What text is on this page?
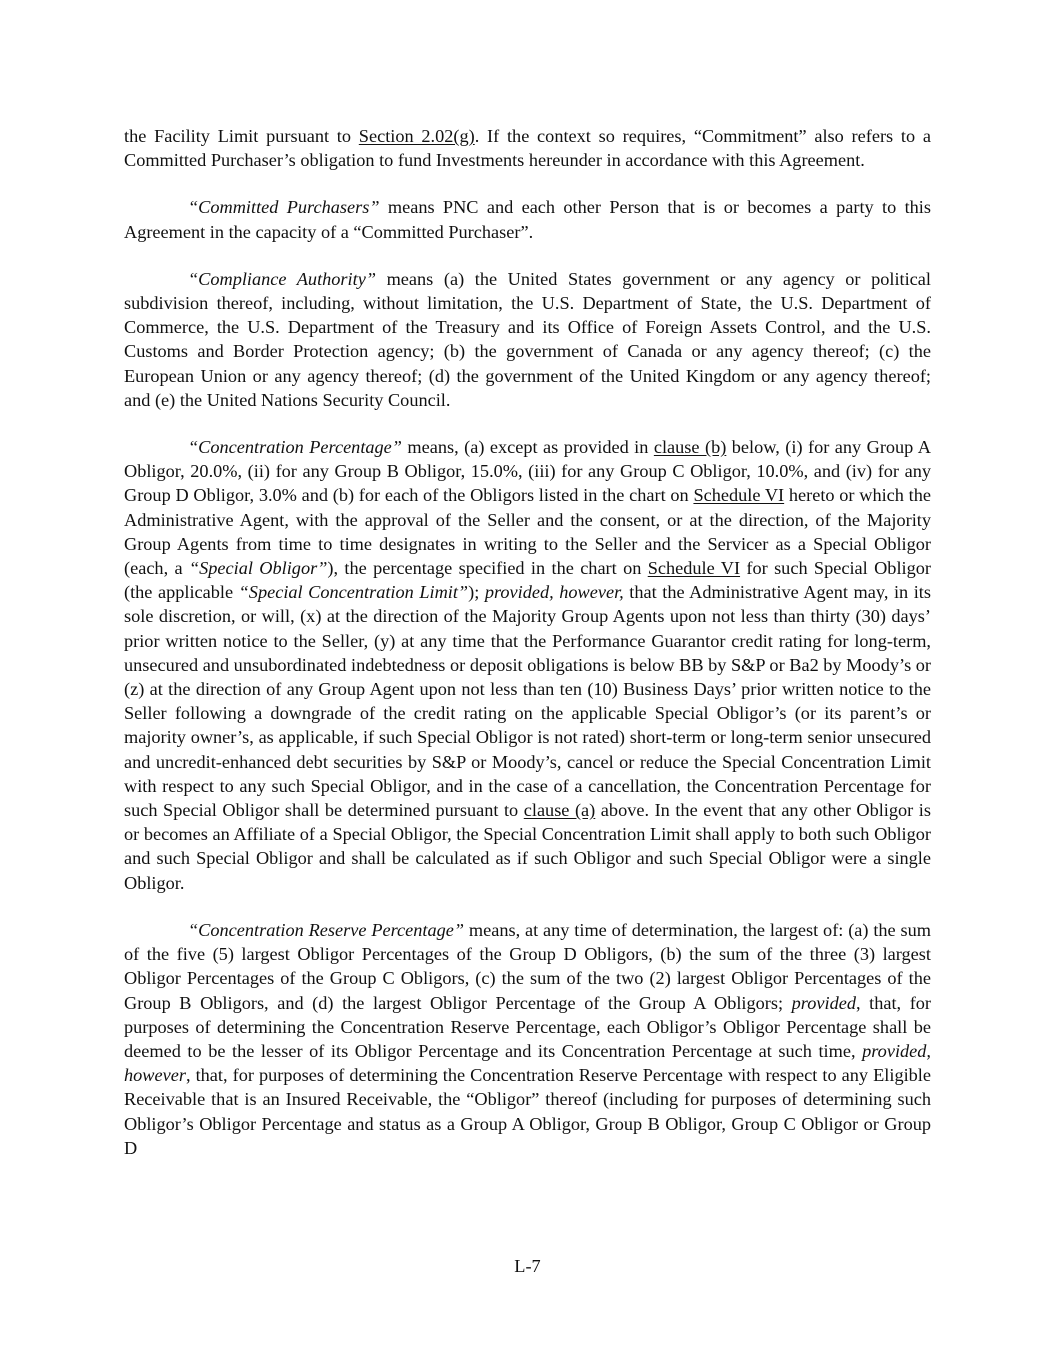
the Facility Limit pursuant to Section 2.02(g). If the context so requires, “Commitment” also refers to a Committed Purchaser’s obligation to fund Investments hereunder in accordance with this Agreement.

“Committed Purchasers” means PNC and each other Person that is or becomes a party to this Agreement in the capacity of a “Committed Purchaser”.

“Compliance Authority” means (a) the United States government or any agency or political subdivision thereof, including, without limitation, the U.S. Department of State, the U.S. Department of Commerce, the U.S. Department of the Treasury and its Office of Foreign Assets Control, and the U.S. Customs and Border Protection agency; (b) the government of Canada or any agency thereof; (c) the European Union or any agency thereof; (d) the government of the United Kingdom or any agency thereof; and (e) the United Nations Security Council.

“Concentration Percentage” means, (a) except as provided in clause (b) below, (i) for any Group A Obligor, 20.0%, (ii) for any Group B Obligor, 15.0%, (iii) for any Group C Obligor, 10.0%, and (iv) for any Group D Obligor, 3.0% and (b) for each of the Obligors listed in the chart on Schedule VI hereto or which the Administrative Agent, with the approval of the Seller and the consent, or at the direction, of the Majority Group Agents from time to time designates in writing to the Seller and the Servicer as a Special Obligor (each, a “Special Obligor”), the percentage specified in the chart on Schedule VI for such Special Obligor (the applicable “Special Concentration Limit”); provided, however, that the Administrative Agent may, in its sole discretion, or will, (x) at the direction of the Majority Group Agents upon not less than thirty (30) days’ prior written notice to the Seller, (y) at any time that the Performance Guarantor credit rating for long-term, unsecured and unsubordinated indebtedness or deposit obligations is below BB by S&P or Ba2 by Moody’s or (z) at the direction of any Group Agent upon not less than ten (10) Business Days’ prior written notice to the Seller following a downgrade of the credit rating on the applicable Special Obligor’s (or its parent’s or majority owner’s, as applicable, if such Special Obligor is not rated) short-term or long-term senior unsecured and uncredit-enhanced debt securities by S&P or Moody’s, cancel or reduce the Special Concentration Limit with respect to any such Special Obligor, and in the case of a cancellation, the Concentration Percentage for such Special Obligor shall be determined pursuant to clause (a) above. In the event that any other Obligor is or becomes an Affiliate of a Special Obligor, the Special Concentration Limit shall apply to both such Obligor and such Special Obligor and shall be calculated as if such Obligor and such Special Obligor were a single Obligor.

“Concentration Reserve Percentage” means, at any time of determination, the largest of: (a) the sum of the five (5) largest Obligor Percentages of the Group D Obligors, (b) the sum of the three (3) largest Obligor Percentages of the Group C Obligors, (c) the sum of the two (2) largest Obligor Percentages of the Group B Obligors, and (d) the largest Obligor Percentage of the Group A Obligors; provided, that, for purposes of determining the Concentration Reserve Percentage, each Obligor’s Obligor Percentage shall be deemed to be the lesser of its Obligor Percentage and its Concentration Percentage at such time, provided, however, that, for purposes of determining the Concentration Reserve Percentage with respect to any Eligible Receivable that is an Insured Receivable, the “Obligor” thereof (including for purposes of determining such Obligor’s Obligor Percentage and status as a Group A Obligor, Group B Obligor, Group C Obligor or Group D

L-7
